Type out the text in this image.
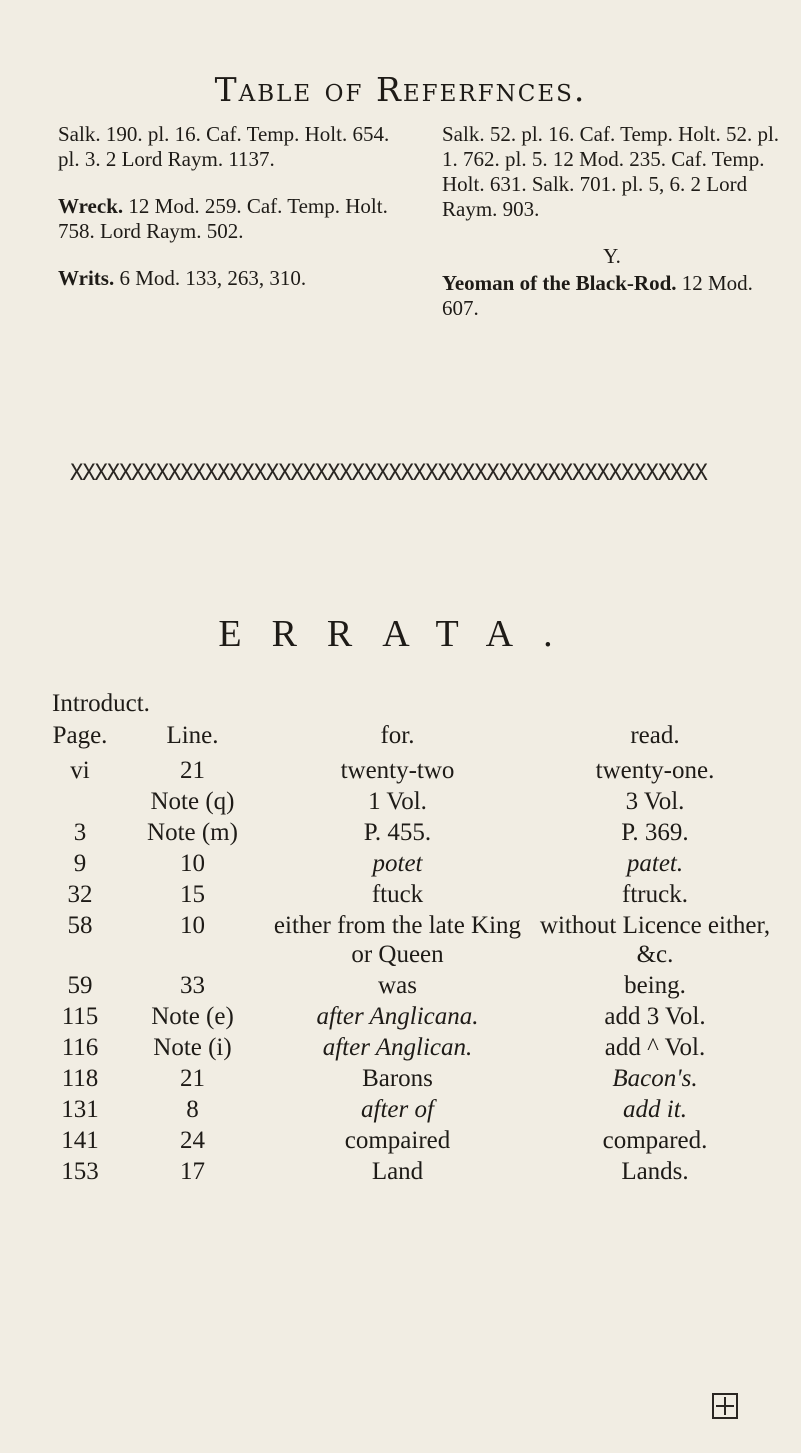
Table of Referfnces.

Salk. 190. pl. 16. Caf. Temp. Holt. 654. pl. 3. 2 Lord Raym. 1137.

Wreck. 12 Mod. 259. Caf. Temp. Holt. 758. Lord Raym. 502.

Writs. 6 Mod. 133, 263, 310.

Salk. 52. pl. 16. Caf. Temp. Holt. 52. pl. 1. 762. pl. 5. 12 Mod. 235. Caf. Temp. Holt. 631. Salk. 701. pl. 5, 6. 2 Lord Raym. 903.

Y.

Yeoman of the Black-Rod. 12 Mod. 607.

XXXXXXXXXXXXXXXXXXXXXXXXXXXXXXXXXXXXXXXXXXXXXXXXXXXX
ERRATA.
Introduct.
Page.	Line.	for.	read.
vi	21	twenty-two	twenty-one.
	Note (q)	1 Vol.	3 Vol.
3	Note (m)	P. 455.	P. 369.
9	10	potet	patet.
32	15	ftuck	ftruck.
58	10	either from the late King or Queen	without Licence either, &c.
59	33	was	being.
115	Note (e)	after Anglicana.	add 3 Vol.
116	Note (i)	after Anglican.	add ^ Vol.
118	21	Barons	Bacon's.
131	8	after of	add it.
141	24	compaired	compared.
153	17	Land	Lands.
